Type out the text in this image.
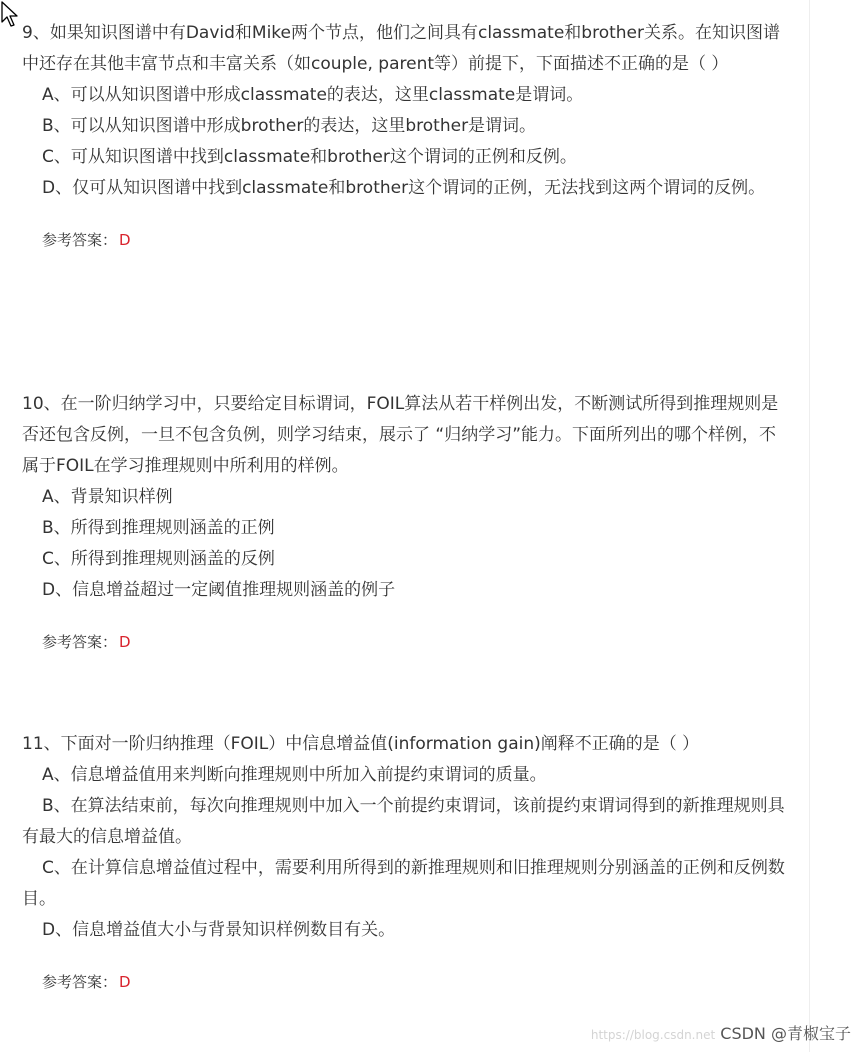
9、如果知识图谱中有David和Mike两个节点，他们之间具有classmate和brother关系。在知识图谱中还存在其他丰富节点和丰富关系（如couple, parent等）前提下，下面描述不正确的是（ ）

A、可以从知识图谱中形成classmate的表达，这里classmate是谓词。

B、可以从知识图谱中形成brother的表达，这里brother是谓词。

C、可从知识图谱中找到classmate和brother这个谓词的正例和反例。

D、仅可从知识图谱中找到classmate和brother这个谓词的正例，无法找到这两个谓词的反例。

参考答案： D

10、在一阶归纳学习中，只要给定目标谓词，FOIL算法从若干样例出发，不断测试所得到推理规则是否还包含反例，一旦不包含负例，则学习结束，展示了 “归纳学习”能力。下面所列出的哪个样例，不属于FOIL在学习推理规则中所利用的样例。

A、背景知识样例

B、所得到推理规则涵盖的正例

C、所得到推理规则涵盖的反例

D、信息增益超过一定阈值推理规则涵盖的例子

参考答案： D

11、下面对一阶归纳推理（FOIL）中信息增益值(information gain)阐释不正确的是（ ）

A、信息增益值用来判断向推理规则中所加入前提约束谓词的质量。

B、在算法结束前，每次向推理规则中加入一个前提约束谓词，该前提约束谓词得到的新推理规则具有最大的信息增益值。

C、在计算信息增益值过程中，需要利用所得到的新推理规则和旧推理规则分别涵盖的正例和反例数目。

D、信息增益值大小与背景知识样例数目有关。

参考答案： D
https://blog.csdn.net CSDN @青椒宝子
